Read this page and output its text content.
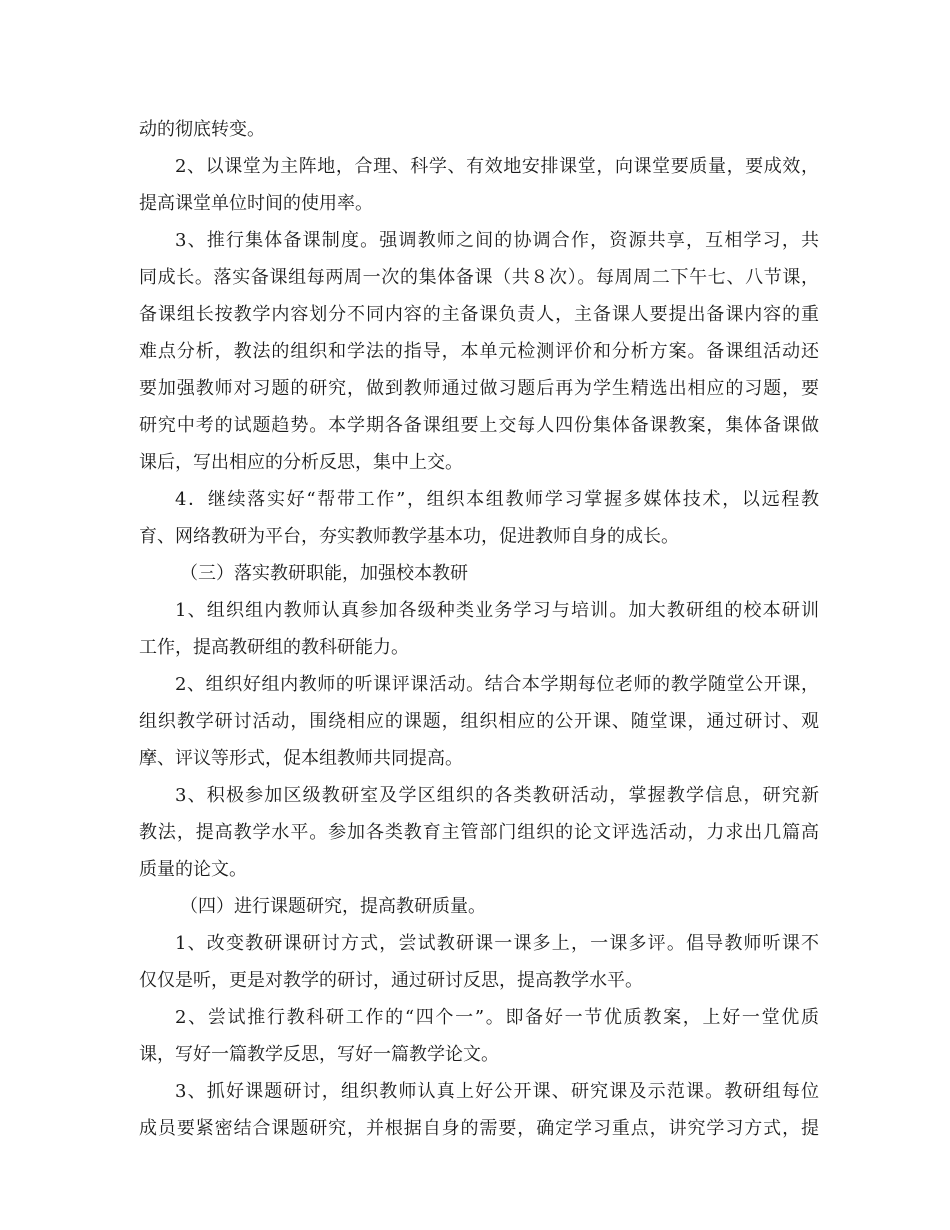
动的彻底转变。
2、以课堂为主阵地，合理、科学、有效地安排课堂，向课堂要质量，要成效，
提高课堂单位时间的使用率。
3、推行集体备课制度。强调教师之间的协调合作，资源共享，互相学习，共
同成长。落实备课组每两周一次的集体备课（共８次）。每周周二下午七、八节课，
备课组长按教学内容划分不同内容的主备课负责人，主备课人要提出备课内容的重
难点分析，教法的组织和学法的指导，本单元检测评价和分析方案。备课组活动还
要加强教师对习题的研究，做到教师通过做习题后再为学生精选出相应的习题，要
研究中考的试题趋势。本学期各备课组要上交每人四份集体备课教案，集体备课做
课后，写出相应的分析反思，集中上交。
4．继续落实好“帮带工作”，组织本组教师学习掌握多媒体技术，以远程教
育、网络教研为平台，夯实教师教学基本功，促进教师自身的成长。
（三）落实教研职能，加强校本教研
1、组织组内教师认真参加各级种类业务学习与培训。加大教研组的校本研训
工作，提高教研组的教科研能力。
2、组织好组内教师的听课评课活动。结合本学期每位老师的教学随堂公开课，
组织教学研讨活动，围绕相应的课题，组织相应的公开课、随堂课，通过研讨、观
摩、评议等形式，促本组教师共同提高。
3、积极参加区级教研室及学区组织的各类教研活动，掌握教学信息，研究新
教法，提高教学水平。参加各类教育主管部门组织的论文评选活动，力求出几篇高
质量的论文。
（四）进行课题研究，提高教研质量。
1、改变教研课研讨方式，尝试教研课一课多上，一课多评。倡导教师听课不
仅仅是听，更是对教学的研讨，通过研讨反思，提高教学水平。
2、尝试推行教科研工作的“四个一”。即备好一节优质教案，上好一堂优质
课，写好一篇教学反思，写好一篇教学论文。
3、抓好课题研讨，组织教师认真上好公开课、研究课及示范课。教研组每位
成员要紧密结合课题研究，并根据自身的需要，确定学习重点，讲究学习方式，提
